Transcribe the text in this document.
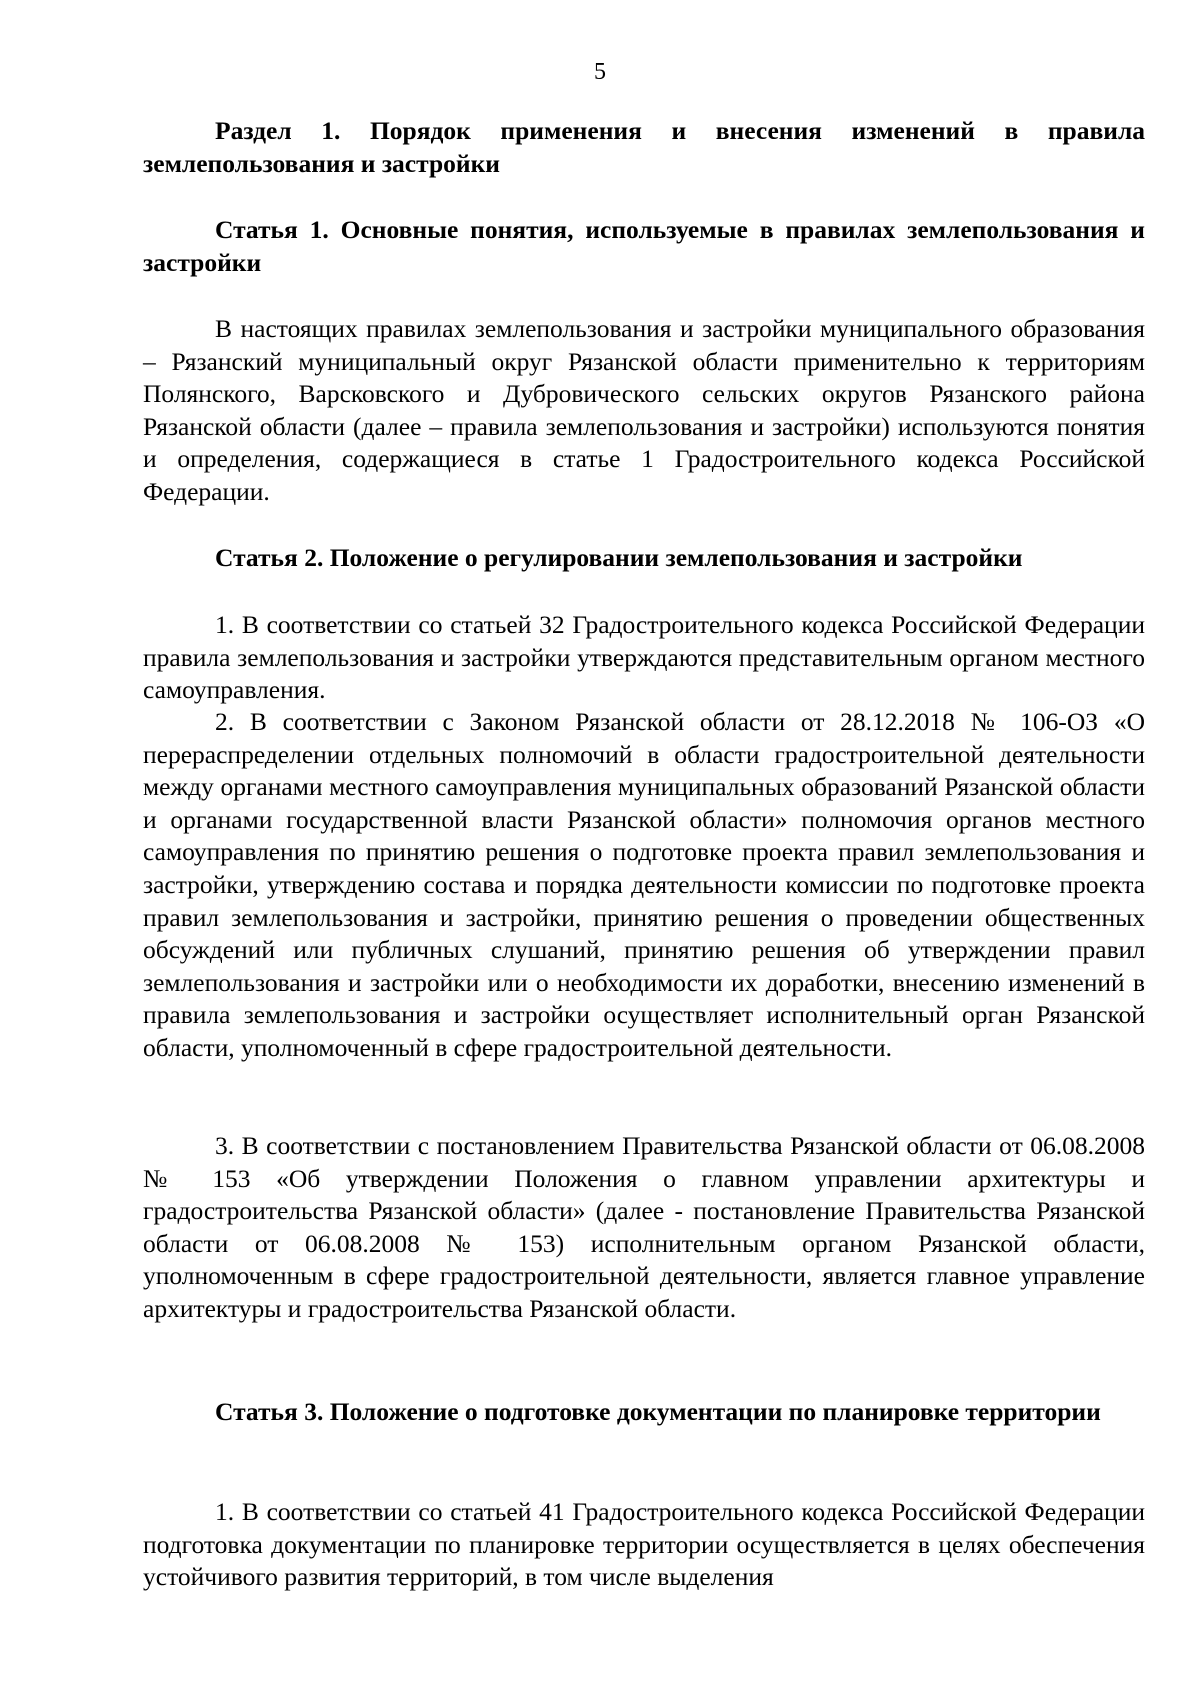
5

Раздел 1. Порядок применения и внесения изменений в правила землепользования и застройки

Статья 1. Основные понятия, используемые в правилах землепользования и застройки

В настоящих правилах землепользования и застройки муниципального образования – Рязанский муниципальный округ Рязанской области применительно к территориям Полянского, Варсковского и Дубровического сельских округов Рязанского района Рязанской области (далее – правила землепользования и застройки) используются понятия и определения, содержащиеся в статье 1 Градостроительного кодекса Российской Федерации.

Статья 2. Положение о регулировании землепользования и застройки

1. В соответствии со статьей 32 Градостроительного кодекса Российской Федерации правила землепользования и застройки утверждаются представительным органом местного самоуправления.

2. В соответствии с Законом Рязанской области от 28.12.2018 № 106-ОЗ «О перераспределении отдельных полномочий в области градостроительной деятельности между органами местного самоуправления муниципальных образований Рязанской области и органами государственной власти Рязанской области» полномочия органов местного самоуправления по принятию решения о подготовке проекта правил землепользования и застройки, утверждению состава и порядка деятельности комиссии по подготовке проекта правил землепользования и застройки, принятию решения о проведении общественных обсуждений или публичных слушаний, принятию решения об утверждении правил землепользования и застройки или о необходимости их доработки, внесению изменений в правила землепользования и застройки осуществляет исполнительный орган Рязанской области, уполномоченный в сфере градостроительной деятельности.

3. В соответствии с постановлением Правительства Рязанской области от 06.08.2008 № 153 «Об утверждении Положения о главном управлении архитектуры и градостроительства Рязанской области» (далее - постановление Правительства Рязанской области от 06.08.2008 № 153) исполнительным органом Рязанской области, уполномоченным в сфере градостроительной деятельности, является главное управление архитектуры и градостроительства Рязанской области.

Статья 3. Положение о подготовке документации по планировке территории

1. В соответствии со статьей 41 Градостроительного кодекса Российской Федерации подготовка документации по планировке территории осуществляется в целях обеспечения устойчивого развития территорий, в том числе выделения
